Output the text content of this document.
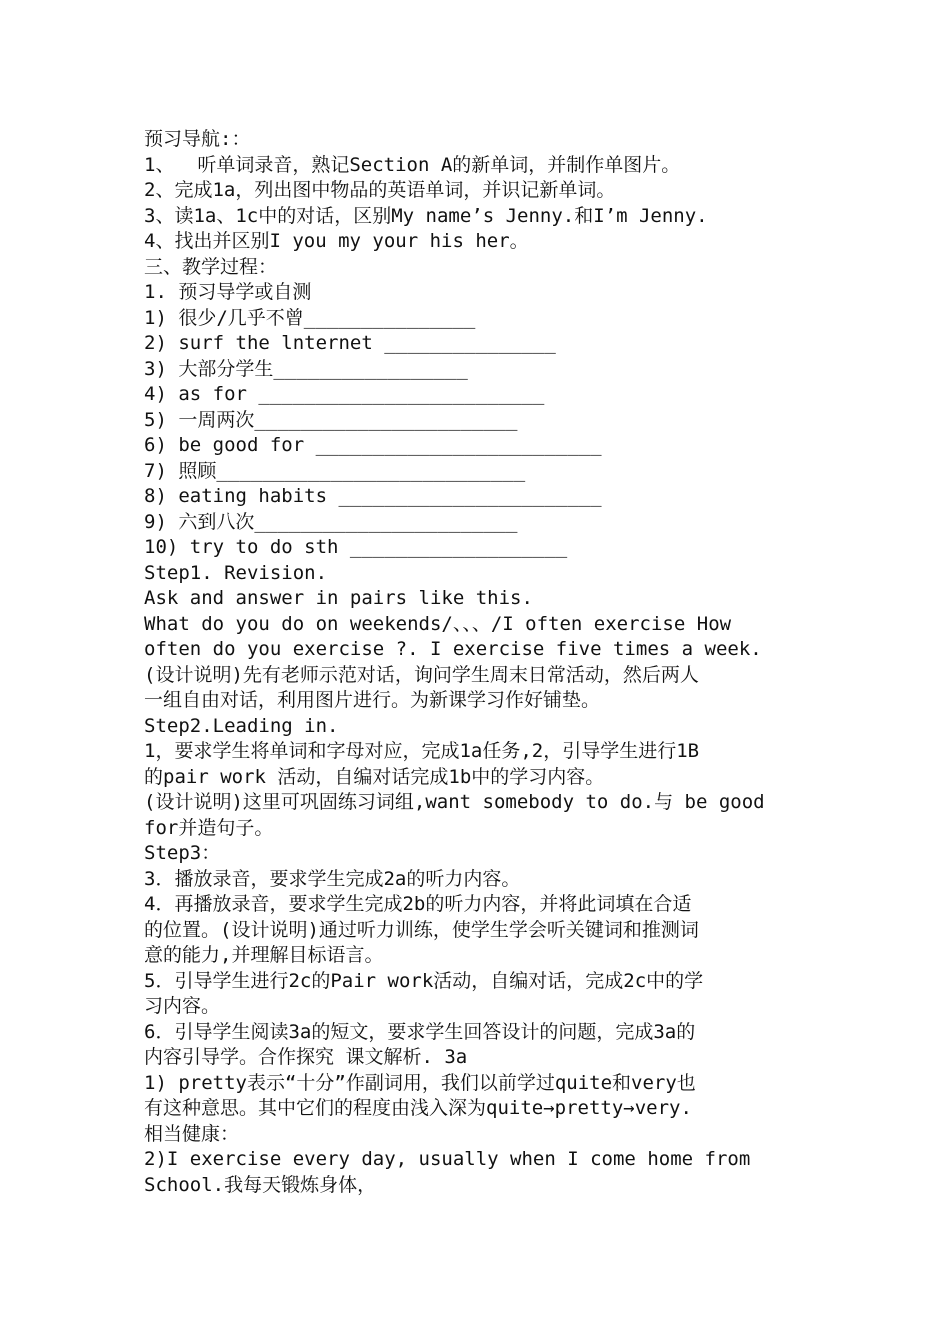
预习导航:：
1、  听单词录音，熟记Section A的新单词，并制作单图片。
2、完成1a，列出图中物品的英语单词，并识记新单词。
3、读1a、1c中的对话，区别My name’s Jenny.和I’m Jenny.
4、找出并区别I you my your his her。
三、教学过程：
1. 预习导学或自测
1) 很少/几乎不曾_______________
2) surf the lnternet _______________
3) 大部分学生_________________
4) as for _________________________
5) 一周两次_______________________
6) be good for _________________________
7) 照顾___________________________
8) eating habits _______________________
9) 六到八次_______________________
10) try to do sth ___________________
Step1. Revision.
Ask and answer in pairs like this.
What do you do on weekends/、、、/I often exercise How
often do you exercise ?. I exercise five times a week.
(设计说明)先有老师示范对话，询问学生周末日常活动，然后两人
一组自由对话，利用图片进行。为新课学习作好铺垫。
Step2.Leading in.
1，要求学生将单词和字母对应，完成1a任务,2，引导学生进行1B
的pair work 活动，自编对话完成1b中的学习内容。
(设计说明)这里可巩固练习词组,want somebody to do.与 be good
for并造句子。
Step3：
3．播放录音，要求学生完成2a的听力内容。
4．再播放录音，要求学生完成2b的听力内容，并将此词填在合适
的位置。(设计说明)通过听力训练，使学生学会听关键词和推测词
意的能力,并理解目标语言。
5．引导学生进行2c的Pair work活动，自编对话，完成2c中的学
习内容。
6．引导学生阅读3a的短文，要求学生回答设计的问题，完成3a的
内容引导学。合作探究 课文解析. 3a
1) pretty表示“十分”作副词用，我们以前学过quite和very也
有这种意思。其中它们的程度由浅入深为quite→pretty→very.
相当健康：
2)I exercise every day, usually when I come home from
School.我每天锻炼身体，
